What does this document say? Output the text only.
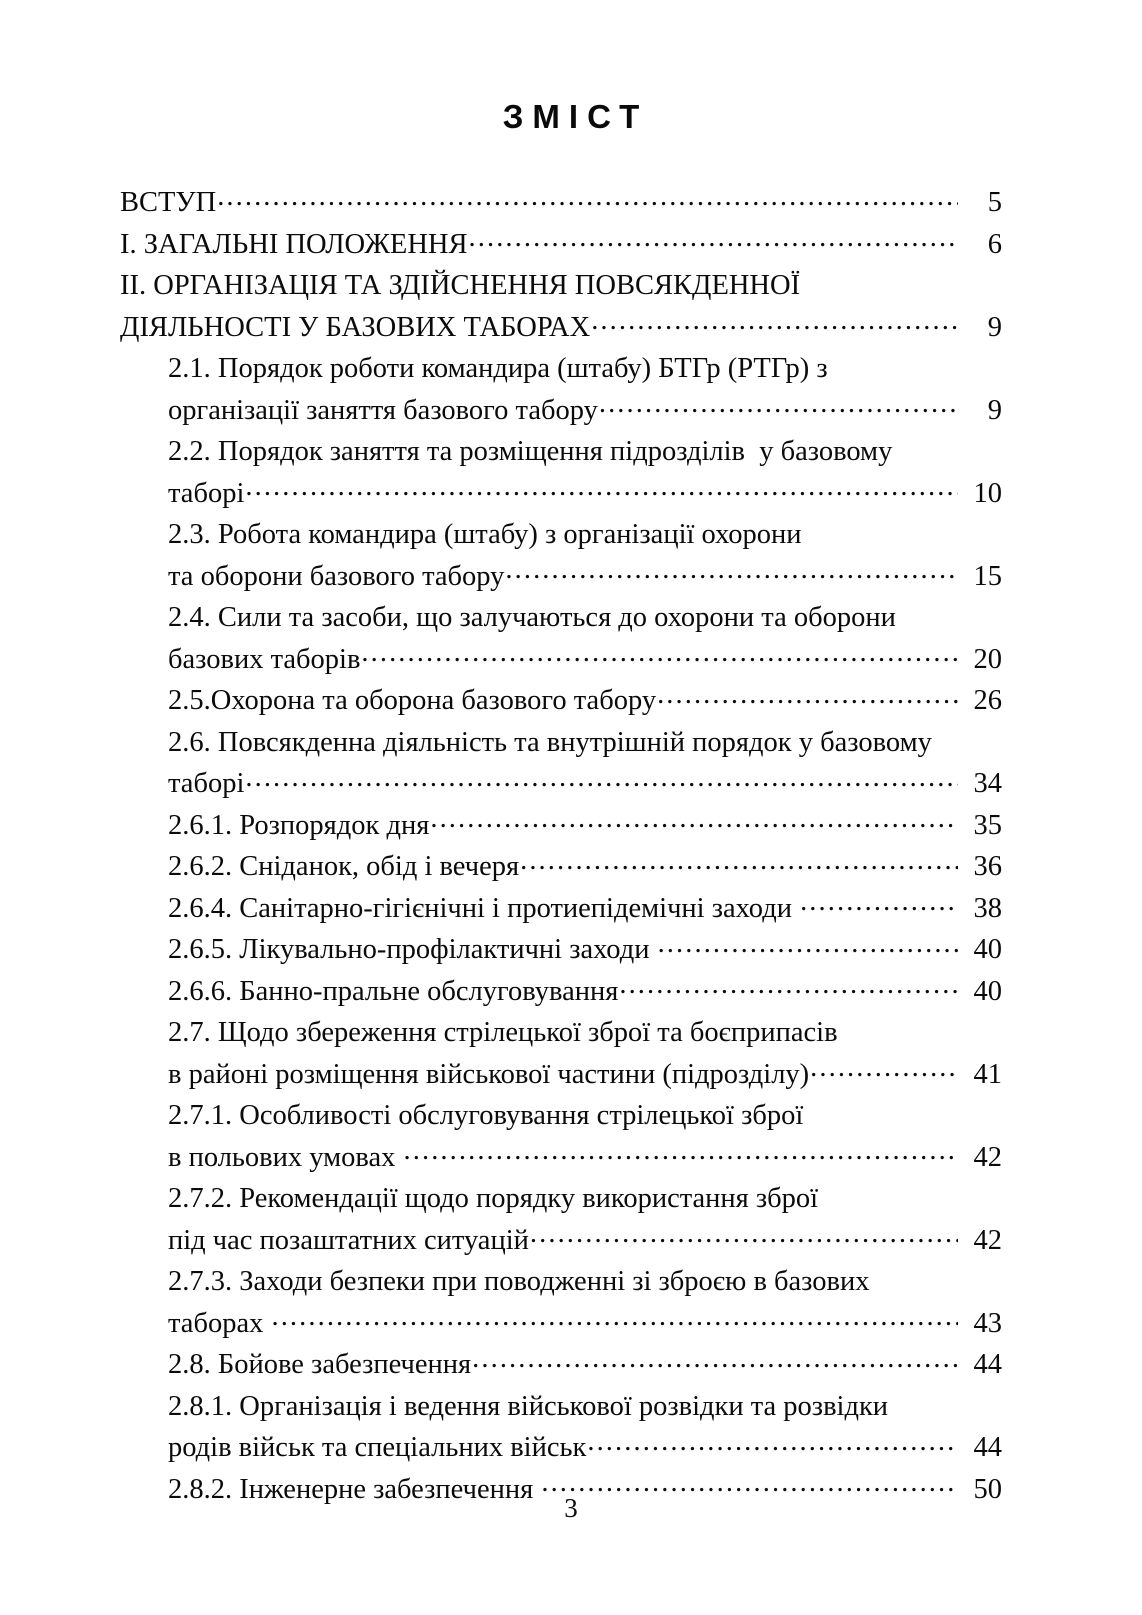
ЗМІСТ
ВСТУП .....	5
I. ЗАГАЛЬНІ ПОЛОЖЕННЯ .....	6
II. ОРГАНІЗАЦІЯ ТА ЗДІЙСНЕННЯ ПОВСЯКДЕННОЇ
ДІЯЛЬНОСТІ У БАЗОВИХ ТАБОРАХ .....	9
2.1. Порядок роботи командира (штабу) БТГр (РТГр) з
організації заняття базового табору .....	9
2.2. Порядок заняття та розміщення підрозділів  у базовому
таборі .....	10
2.3. Робота командира (штабу) з організації охорони
та оборони базового табору .....	15
2.4. Сили та засоби, що залучаються до охорони та оборони
базових таборів .....	20
2.5.Охорона та оборона базового табору .....	26
2.6. Повсякденна діяльність та внутрішній порядок у базовому
таборі .....	34
2.6.1. Розпорядок дня .....	35
2.6.2. Сніданок, обід і вечеря .....	36
2.6.4. Санітарно-гігієнічні і протиепідемічні заходи .....	38
2.6.5. Лікувально-профілактичні заходи .....	40
2.6.6. Банно-пральне обслуговування .....	40
2.7. Щодо збереження стрілецької зброї та боєприпасів
в районі розміщення військової частини (підрозділу) .....	41
2.7.1. Особливості обслуговування стрілецької зброї
в польових умовах .....	42
2.7.2. Рекомендації щодо порядку використання зброї
під час позаштатних ситуацій .....	42
2.7.3. Заходи безпеки при поводженні зі зброєю в базових
таборах .....	43
2.8. Бойове забезпечення .....	44
2.8.1. Організація і ведення військової розвідки та розвідки
родів військ та спеціальних військ .....	44
2.8.2. Інженерне забезпечення .....	50
3
